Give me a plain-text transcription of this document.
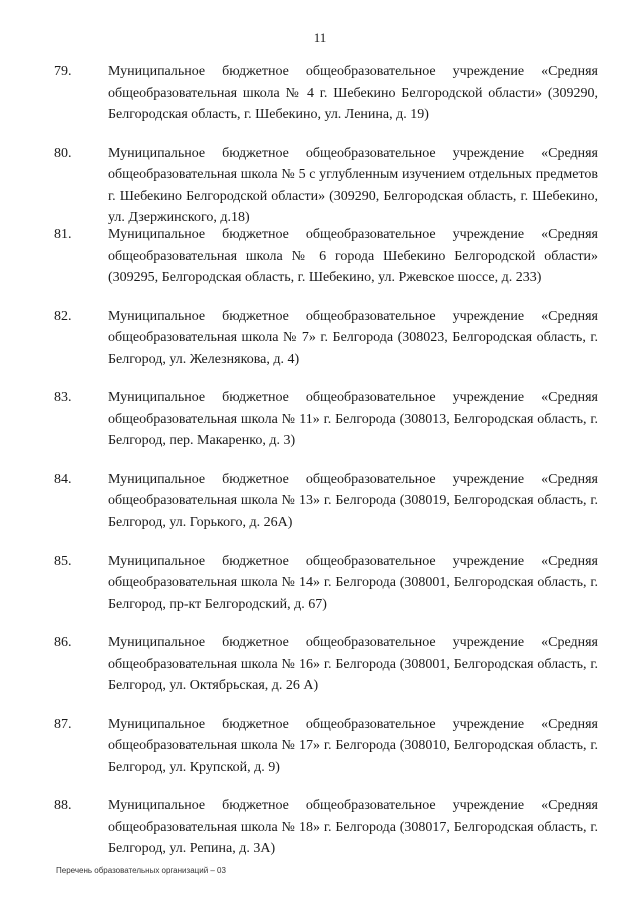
11
79.	Муниципальное бюджетное общеобразовательное учреждение «Средняя общеобразовательная школа № 4 г. Шебекино Белгородской области» (309290, Белгородская область, г. Шебекино, ул. Ленина, д. 19)
80.	Муниципальное бюджетное общеобразовательное учреждение «Средняя общеобразовательная школа № 5 с углубленным изучением отдельных предметов г. Шебекино Белгородской области» (309290, Белгородская область, г. Шебекино, ул. Дзержинского, д.18)
81.	Муниципальное бюджетное общеобразовательное учреждение «Средняя общеобразовательная школа № 6 города Шебекино Белгородской области» (309295, Белгородская область, г. Шебекино, ул. Ржевское шоссе, д. 233)
82.	Муниципальное бюджетное общеобразовательное учреждение «Средняя общеобразовательная школа № 7» г. Белгорода (308023, Белгородская область, г. Белгород, ул. Железнякова, д. 4)
83.	Муниципальное бюджетное общеобразовательное учреждение «Средняя общеобразовательная школа № 11» г. Белгорода (308013, Белгородская область, г. Белгород, пер. Макаренко, д. 3)
84.	Муниципальное бюджетное общеобразовательное учреждение «Средняя общеобразовательная школа № 13» г. Белгорода (308019, Белгородская область, г. Белгород, ул. Горького, д. 26А)
85.	Муниципальное бюджетное общеобразовательное учреждение «Средняя общеобразовательная школа № 14» г. Белгорода (308001, Белгородская область, г. Белгород, пр-кт Белгородский, д. 67)
86.	Муниципальное бюджетное общеобразовательное учреждение «Средняя общеобразовательная школа № 16» г. Белгорода (308001, Белгородская область, г. Белгород, ул. Октябрьская, д. 26 А)
87.	Муниципальное бюджетное общеобразовательное учреждение «Средняя общеобразовательная школа № 17» г. Белгорода (308010, Белгородская область, г. Белгород, ул. Крупской, д. 9)
88.	Муниципальное бюджетное общеобразовательное учреждение «Средняя общеобразовательная школа № 18» г. Белгорода (308017, Белгородская область, г. Белгород, ул. Репина, д. 3А)
Перечень образовательных организаций – 03
